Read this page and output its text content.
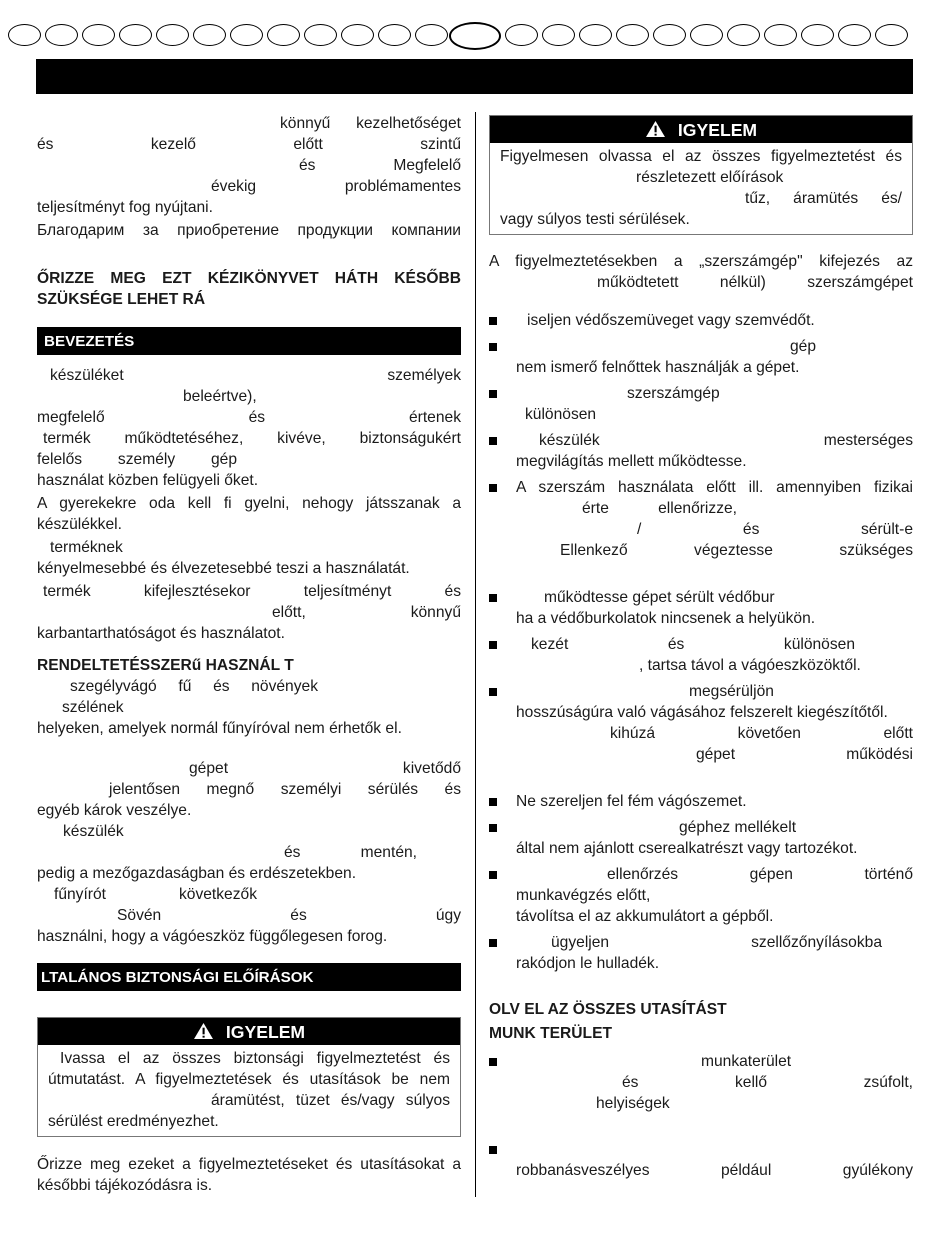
könnyű kezelhetőséget

és kezelő előtt szintű

és Megfelelő

évekig problémamentes

teljesítményt fog nyújtani.

Благодарим за приобретение продукции компании

ŐRIZZE MEG EZT KÉZIKÖNYVET HÁTH KÉSŐBB

SZÜKSÉGE LEHET RÁ

BEVEZETÉS

készüléket személyek

beleértve),

megfelelő és értenek

termék működtetéséhez, kivéve, biztonságukért

felelős személy gép

használat közben felügyeli őket.

A gyerekekre oda kell fi gyelni, nehogy játsszanak a

készülékkel.

terméknek

kényelmesebbé és élvezetesebbé teszi a használatát.

termék kifejlesztésekor teljesítményt és

előtt, könnyű

karbantarthatóságot és használatot.

RENDELTETÉSSZERű HASZNÁL T

szegélyvágó fű és növények

szélének

helyeken, amelyek normál fűnyíróval nem érhetők el.

gépet kivetődő

jelentősen megnő személyi sérülés és

egyéb károk veszélye.

készülék

és mentén,

pedig a mezőgazdaságban és erdészetekben.

fűnyírót következők

Sövén és úgy

használni, hogy a vágóeszköz függőlegesen forog.

LTALÁNOS BIZTONSÁGI ELŐÍRÁSOK
IGYELEM

Ivassa el az összes biztonsági figyelmeztetést és

útmutatást. A figyelmeztetések és utasítások be nem

áramütést, tüzet és/vagy súlyos

sérülést eredményezhet.

Őrizze meg ezeket a figyelmeztetéseket és utasításokat a

későbbi tájékozódásra is.

IGYELEM

Figyelmesen olvassa el az összes figyelmeztetést és

részletezett előírások

tűz, áramütés és/

vagy súlyos testi sérülések.

A figyelmeztetésekben a „szerszámgép" kifejezés az

működtetett nélkül) szerszámgépet

iseljen védőszemüveget vagy szemvédőt.

gép

nem ismerő felnőttek használják a gépet.

szerszámgép

különösen

készülék mesterséges

megvilágítás mellett működtesse.

A szerszám használata előtt ill. amennyiben fizikai

érte ellenőrizze,

/ és sérült-e

Ellenkező végeztesse szükséges

működtesse gépet sérült védőbur

ha a védőburkolatok nincsenek a helyükön.

kezét és különösen

, tartsa távol a vágóeszközöktől.

megsérüljön

hosszúságúra való vágásához felszerelt kiegészítőtől.

kihúzá követően előtt

gépet működési

Ne szereljen fel fém vágószemet.

géphez mellékelt

által nem ajánlott cserealkatrészt vagy tartozékot.

ellenőrzés gépen történő

munkavégzés előtt,

távolítsa el az akkumulátort a gépből.

ügyeljen szellőzőnyílásokba

rakódjon le hulladék.

OLV EL AZ ÖSSZES UTASÍTÁST

MUNK TERÜLET

munkaterület

és kellő zsúfolt,

helyiségek

robbanásveszélyes például gyúlékony
